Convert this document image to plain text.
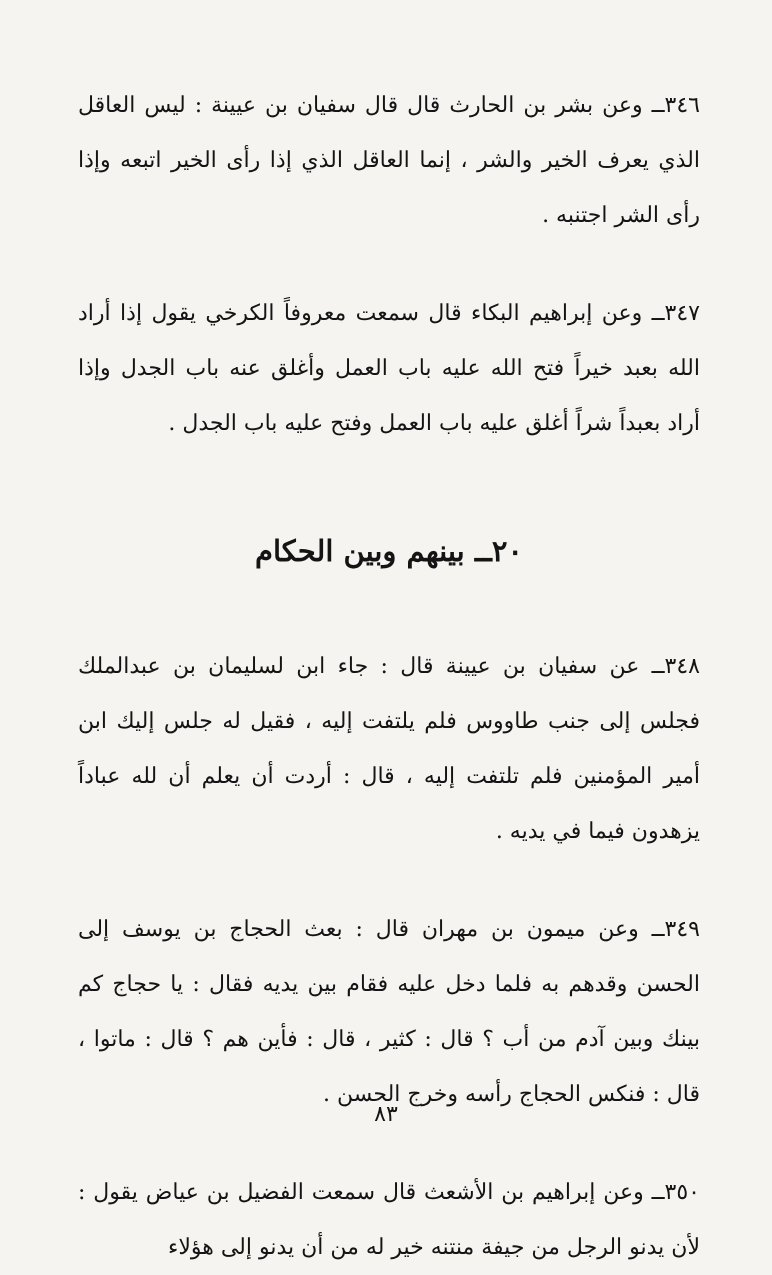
٣٤٦ــ وعن بشر بن الحارث قال قال سفيان بن عيينة : ليس العاقل الذي يعرف الخير والشر ، إنما العاقل الذي إذا رأى الخير اتبعه وإذا رأى الشر اجتنبه .

٣٤٧ــ وعن إبراهيم البكاء قال سمعت معروفاً الكرخي يقول إذا أراد الله بعبد خيراً فتح الله عليه باب العمل وأغلق عنه باب الجدل وإذا أراد بعبداً شراً أغلق عليه باب العمل وفتح عليه باب الجدل .

٢٠ــ بينهم وبين الحكام

٣٤٨ــ عن سفيان بن عيينة قال : جاء ابن لسليمان بن عبدالملك فجلس إلى جنب طاووس فلم يلتفت إليه ، فقيل له جلس إليك ابن أمير المؤمنين فلم تلتفت إليه ، قال : أردت أن يعلم أن لله عباداً يزهدون فيما في يديه .

٣٤٩ــ وعن ميمون بن مهران قال : بعث الحجاج بن يوسف إلى الحسن وقدهم به فلما دخل عليه فقام بين يديه فقال : يا حجاج كم بينك وبين آدم من أب ؟ قال : كثير ، قال : فأين هم ؟ قال : ماتوا ، قال : فنكس الحجاج رأسه وخرج الحسن .

٣٥٠ــ وعن إبراهيم بن الأشعث قال سمعت الفضيل بن عياض يقول : لأن يدنو الرجل من جيفة منتنه خير له من أن يدنو إلى هؤلاء

٨٣
